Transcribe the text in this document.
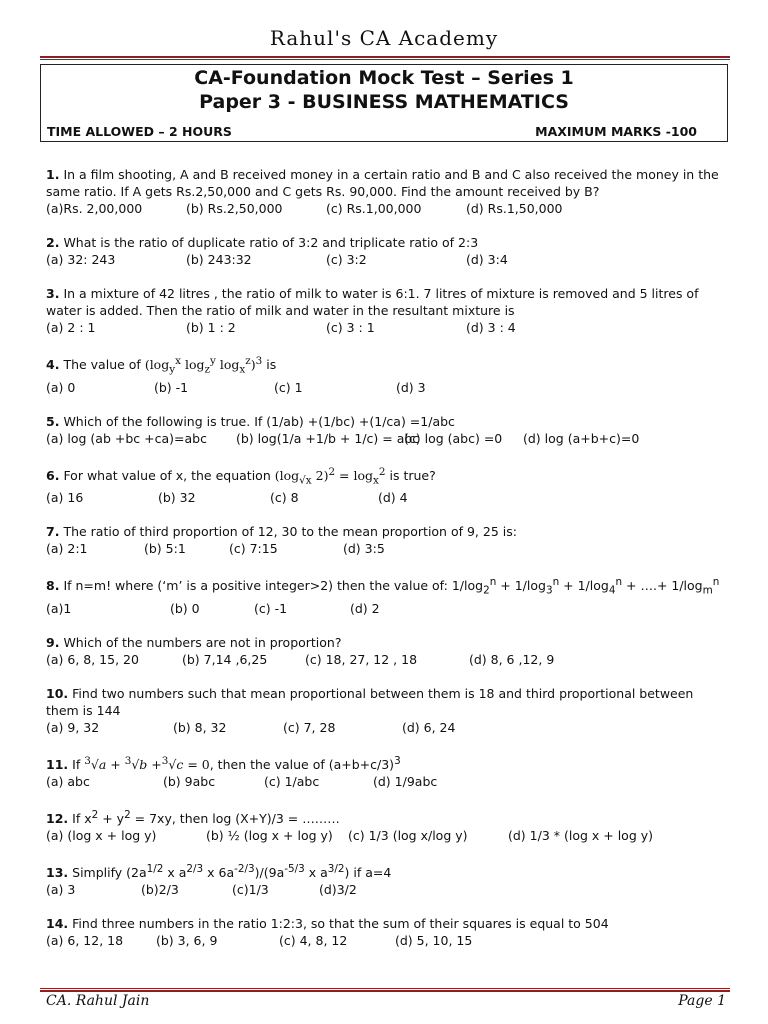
Rahul's CA Academy
CA-Foundation Mock Test – Series 1
Paper 3 - BUSINESS MATHEMATICS
TIME ALLOWED – 2 HOURS	MAXIMUM MARKS -100
1. In a film shooting, A and B received money in a certain ratio and B and C also received the money in the same ratio. If A gets Rs.2,50,000 and C gets Rs. 90,000. Find the amount received by B?
(a)Rs. 2,00,000	(b) Rs.2,50,000	(c) Rs.1,00,000	(d) Rs.1,50,000
2. What is the ratio of duplicate ratio of 3:2 and triplicate ratio of 2:3
(a) 32: 243	(b) 243:32	(c) 3:2	(d) 3:4
3. In a mixture of 42 litres , the ratio of milk to water is 6:1. 7 litres of mixture is removed and 5 litres of water is added. Then the ratio of milk and water in the resultant mixture is
(a) 2 : 1	(b) 1 : 2	(c) 3 : 1	(d) 3 : 4
4. The value of ($\log_y^x$ $\log_z^y \log_x^z)^3$ is
(a) 0	(b) -1	(c) 1	(d) 3
5. Which of the following is true. If (1/ab) +(1/bc) +(1/ca) =1/abc
(a) log (ab +bc +ca)=abc (b) log(1/a +1/b + 1/c) = abc
(c) log (abc) =0 (d) log (a+b+c)=0
6. For what value of x, the equation ($\log_{√x}$ $2)^2 = \log_x^2$ is true?
(a) 16	(b) 32	(c) 8	(d) 4
7. The ratio of third proportion of 12, 30 to the mean proportion of 9, 25 is:
(a) 2:1	(b) 5:1	(c) 7:15	(d) 3:5
8. If n=m! where (‘m’ is a positive integer>2) then the value of: $1/\log_2^n + 1/\log_3^n + 1/\log_4^n$ + ….+ $1/\log_m^n$
(a)1	(b) 0	(c) -1	(d) 2
9. Which of the numbers are not in proportion?
(a) 6, 8, 15, 20	(b) 7,14 ,6,25	(c) 18, 27, 12 , 18	(d) 8, 6 ,12, 9
10. Find two numbers such that mean proportional between them is 18 and third proportional between them is 144
(a) 9, 32	(b) 8, 32	(c) 7, 28	(d) 6, 24
11. If $^3$√a + $^3$√b +$^3$√c = 0, then the value of $(a+b+c/3)^3$
(a) abc	(b) 9abc	(c) 1/abc	(d) 1/9abc
12. If $x^2 + y^2 = 7xy$, then log (X+Y)/3 = ………
(a) (log x + log y)	(b) ½ (log x + log y) (c) 1/3 (log x/log y)	(d) 1/3 * (log x + log y)
13. Simplify ($2a^{1/2}$ x $a^{2/3}$ x $6a^{-2/3})/(9a^{-5/3}$ x $a^{3/2}$) if a=4
(a) 3	(b)2/3	(c)1/3	(d)3/2
14. Find three numbers in the ratio 1:2:3, so that the sum of their squares is equal to 504
(a) 6, 12, 18	(b) 3, 6, 9	(c) 4, 8, 12	(d) 5, 10, 15
CA. Rahul Jain	Page 1
